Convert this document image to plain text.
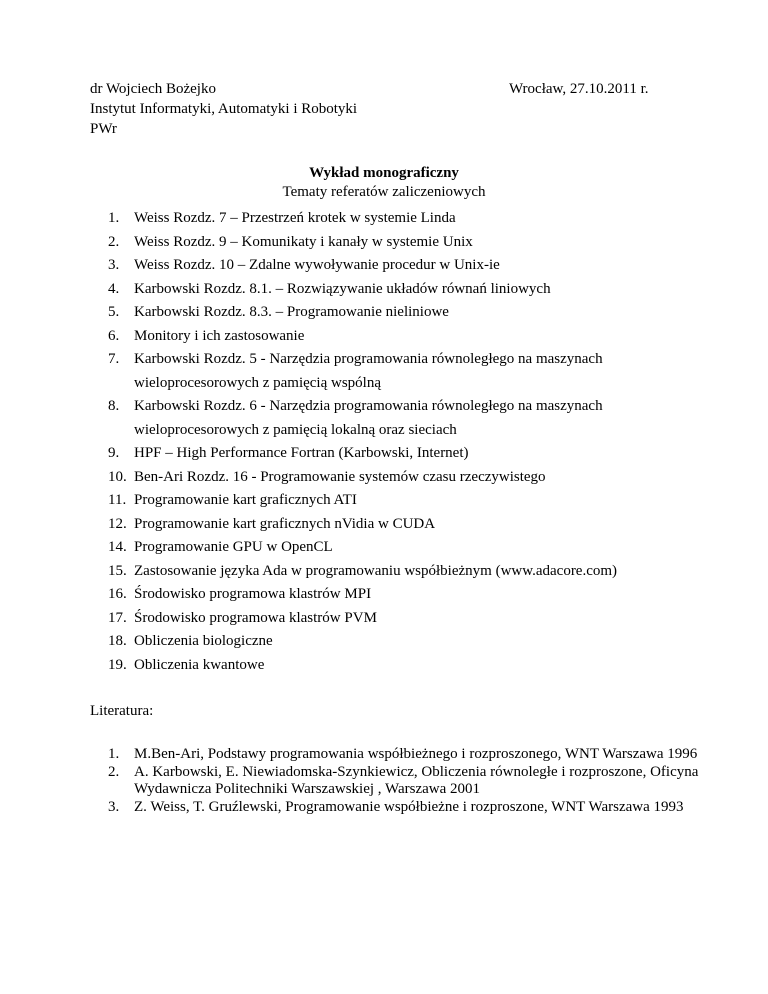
dr Wojciech Bożejko
Instytut Informatyki, Automatyki i Robotyki
PWr
Wrocław, 27.10.2011 r.
Wykład monograficzny
Tematy referatów zaliczeniowych
1. Weiss Rozdz. 7 – Przestrzeń krotek w systemie Linda
2. Weiss Rozdz. 9 – Komunikaty i kanały w systemie Unix
3. Weiss Rozdz. 10 – Zdalne wywoływanie procedur w Unix-ie
4. Karbowski Rozdz. 8.1. – Rozwiązywanie układów równań liniowych
5. Karbowski Rozdz. 8.3. – Programowanie nieliniowe
6. Monitory i ich zastosowanie
7. Karbowski Rozdz. 5 - Narzędzia programowania równoległego na maszynach wieloprocesorowych z pamięcią wspólną
8. Karbowski Rozdz. 6 - Narzędzia programowania równoległego na maszynach wieloprocesorowych z pamięcią lokalną oraz sieciach
9. HPF – High Performance Fortran (Karbowski, Internet)
10. Ben-Ari Rozdz. 16 - Programowanie systemów czasu rzeczywistego
11. Programowanie kart graficznych ATI
12. Programowanie kart graficznych nVidia w CUDA
14. Programowanie GPU w OpenCL
15. Zastosowanie języka Ada w programowaniu współbieżnym (www.adacore.com)
16. Środowisko programowa klastrów MPI
17. Środowisko programowa klastrów PVM
18. Obliczenia biologiczne
19. Obliczenia kwantowe
Literatura:
1. M.Ben-Ari, Podstawy programowania współbieżnego i rozproszonego, WNT Warszawa 1996
2. A. Karbowski, E. Niewiadomska-Szynkiewicz, Obliczenia równoległe i rozproszone, Oficyna Wydawnicza Politechniki Warszawskiej , Warszawa 2001
3. Z. Weiss, T. Gruźlewski, Programowanie współbieżne i rozproszone, WNT Warszawa 1993
